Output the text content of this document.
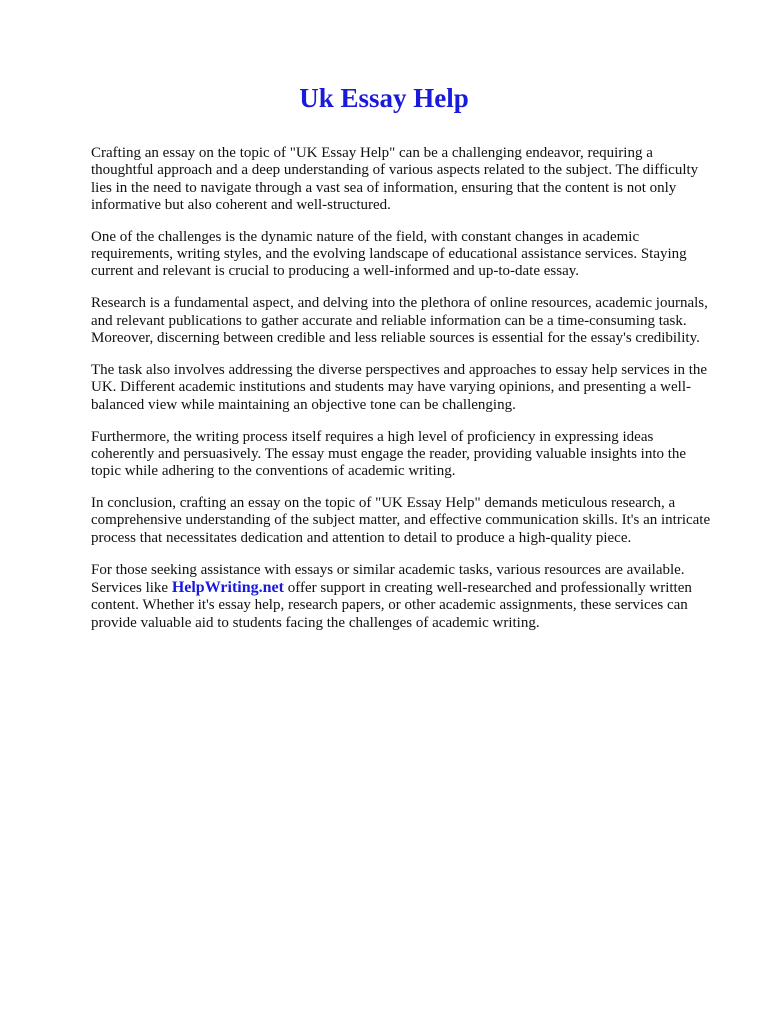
Uk Essay Help

Crafting an essay on the topic of "UK Essay Help" can be a challenging endeavor, requiring a thoughtful approach and a deep understanding of various aspects related to the subject. The difficulty lies in the need to navigate through a vast sea of information, ensuring that the content is not only informative but also coherent and well-structured.

One of the challenges is the dynamic nature of the field, with constant changes in academic requirements, writing styles, and the evolving landscape of educational assistance services. Staying current and relevant is crucial to producing a well-informed and up-to-date essay.

Research is a fundamental aspect, and delving into the plethora of online resources, academic journals, and relevant publications to gather accurate and reliable information can be a time-consuming task. Moreover, discerning between credible and less reliable sources is essential for the essay's credibility.

The task also involves addressing the diverse perspectives and approaches to essay help services in the UK. Different academic institutions and students may have varying opinions, and presenting a well-balanced view while maintaining an objective tone can be challenging.

Furthermore, the writing process itself requires a high level of proficiency in expressing ideas coherently and persuasively. The essay must engage the reader, providing valuable insights into the topic while adhering to the conventions of academic writing.

In conclusion, crafting an essay on the topic of "UK Essay Help" demands meticulous research, a comprehensive understanding of the subject matter, and effective communication skills. It's an intricate process that necessitates dedication and attention to detail to produce a high-quality piece.

For those seeking assistance with essays or similar academic tasks, various resources are available. Services like HelpWriting.net offer support in creating well-researched and professionally written content. Whether it's essay help, research papers, or other academic assignments, these services can provide valuable aid to students facing the challenges of academic writing.
